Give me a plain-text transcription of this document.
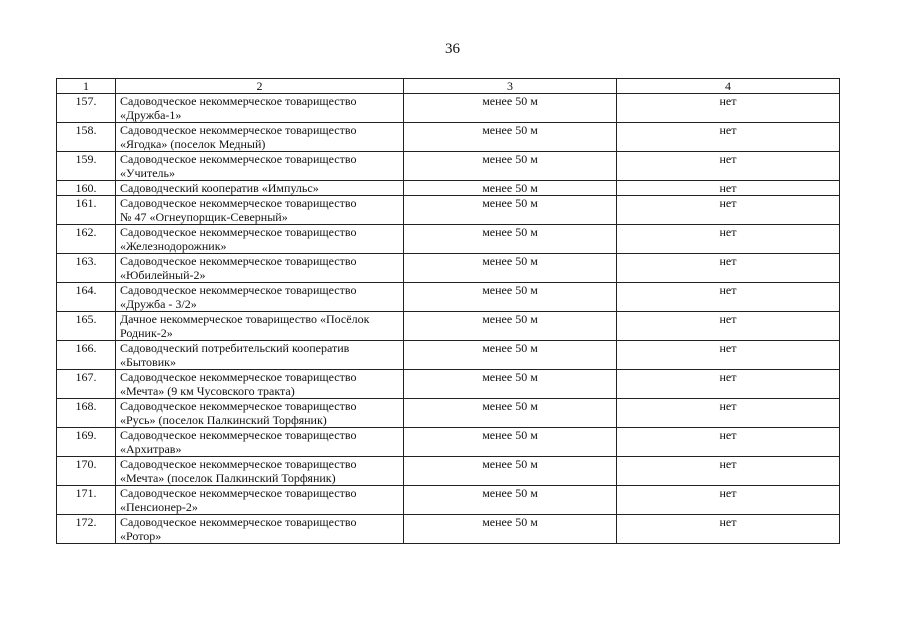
36
1	2	3	4
157.	Садоводческое некоммерческое товарищество
«Дружба-1»	менее 50 м	нет
158.	Садоводческое некоммерческое товарищество
«Ягодка» (поселок Медный)	менее 50 м	нет
159.	Садоводческое некоммерческое товарищество
«Учитель»	менее 50 м	нет
160.	Садоводческий кооператив «Импульс»	менее 50 м	нет
161.	Садоводческое некоммерческое товарищество
№ 47 «Огнеупорщик-Северный»	менее 50 м	нет
162.	Садоводческое некоммерческое товарищество
«Железнодорожник»	менее 50 м	нет
163.	Садоводческое некоммерческое товарищество
«Юбилейный-2»	менее 50 м	нет
164.	Садоводческое некоммерческое товарищество
«Дружба - 3/2»	менее 50 м	нет
165.	Дачное некоммерческое товарищество «Посёлок
Родник-2»	менее 50 м	нет
166.	Садоводческий потребительский кооператив
«Бытовик»	менее 50 м	нет
167.	Садоводческое некоммерческое товарищество
«Мечта» (9 км Чусовского тракта)	менее 50 м	нет
168.	Садоводческое некоммерческое товарищество
«Русь» (поселок Палкинский Торфяник)	менее 50 м	нет
169.	Садоводческое некоммерческое товарищество
«Архитрав»	менее 50 м	нет
170.	Садоводческое некоммерческое товарищество
«Мечта» (поселок Палкинский Торфяник)	менее 50 м	нет
171.	Садоводческое некоммерческое товарищество
«Пенсионер-2»	менее 50 м	нет
172.	Садоводческое некоммерческое товарищество
«Ротор»	менее 50 м	нет
